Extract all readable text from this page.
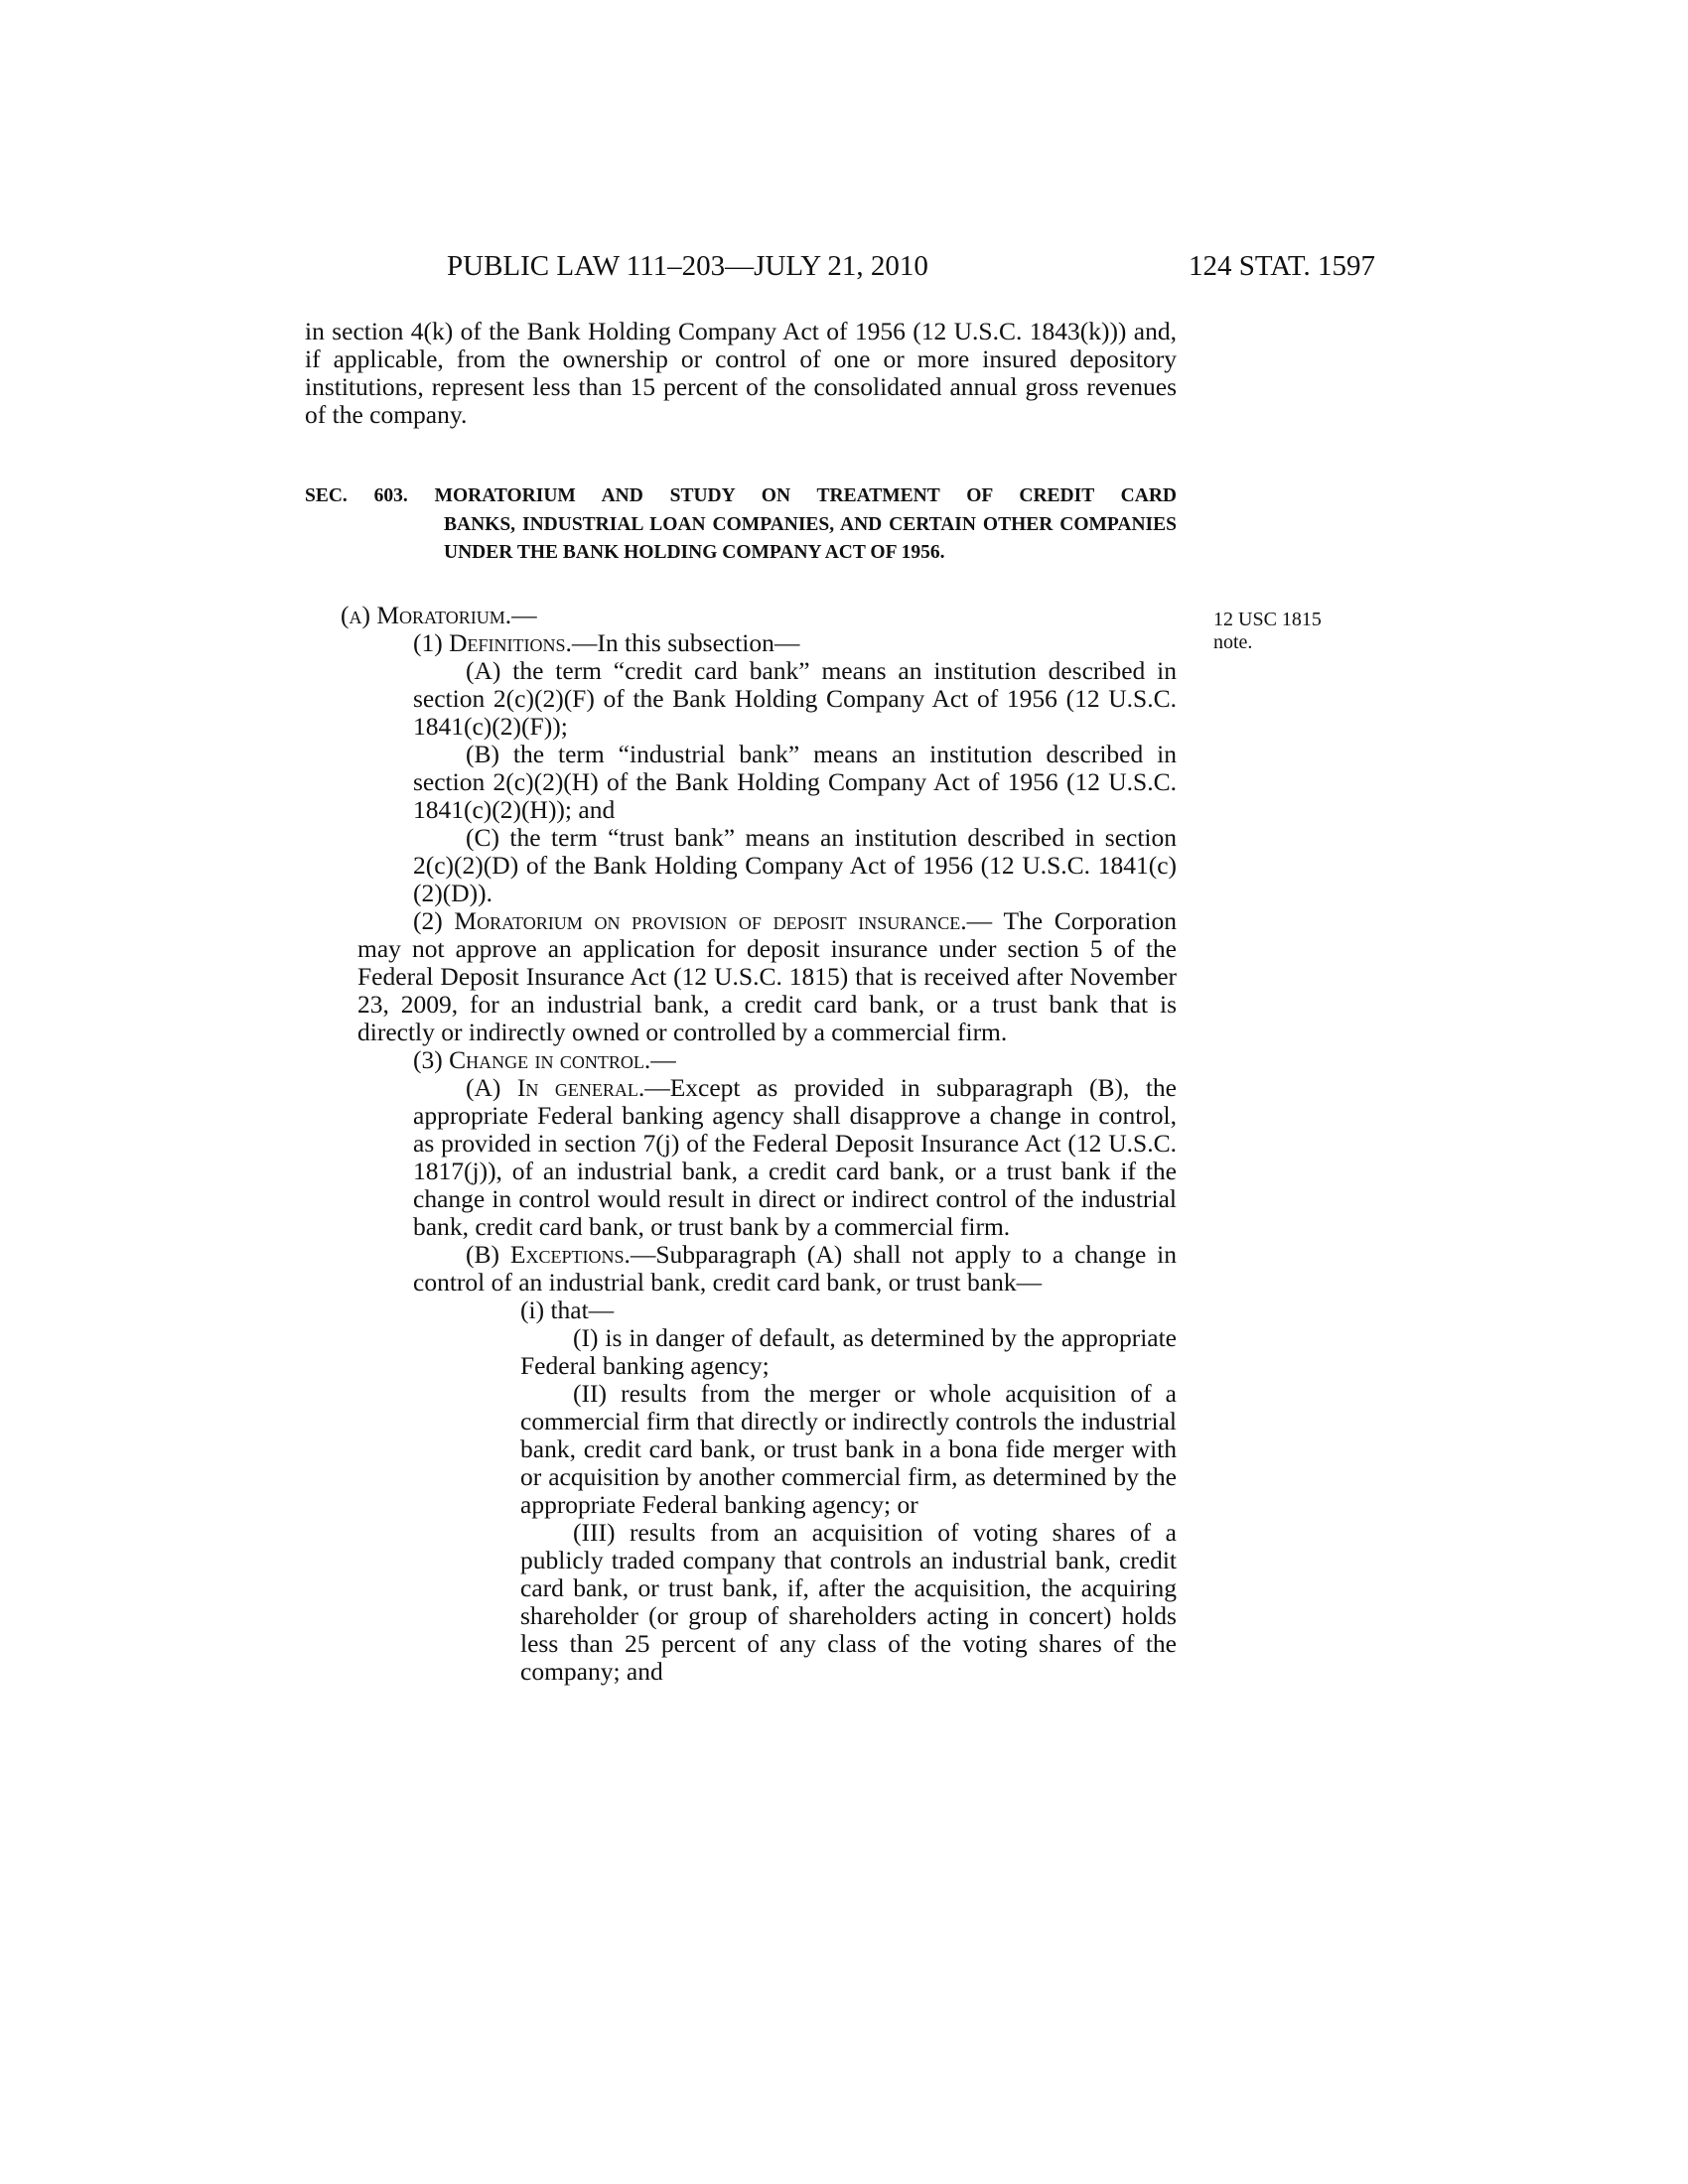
PUBLIC LAW 111–203—JULY 21, 2010	124 STAT. 1597

in section 4(k) of the Bank Holding Company Act of 1956 (12 U.S.C. 1843(k))) and, if applicable, from the ownership or control of one or more insured depository institutions, represent less than 15 percent of the consolidated annual gross revenues of the company.

SEC. 603. MORATORIUM AND STUDY ON TREATMENT OF CREDIT CARD
BANKS, INDUSTRIAL LOAN COMPANIES, AND CERTAIN OTHER COMPANIES UNDER THE BANK HOLDING COMPANY ACT OF 1956.
12 USC 1815
note.
(a) Moratorium.—
(1) Definitions.—In this subsection—
(A) the term “credit card bank” means an institution described in section 2(c)(2)(F) of the Bank Holding Company Act of 1956 (12 U.S.C. 1841(c)(2)(F));
(B) the term “industrial bank” means an institution described in section 2(c)(2)(H) of the Bank Holding Company Act of 1956 (12 U.S.C. 1841(c)(2)(H)); and
(C) the term “trust bank” means an institution described in section 2(c)(2)(D) of the Bank Holding Company Act of 1956 (12 U.S.C. 1841(c)(2)(D)).
(2) Moratorium on provision of deposit insurance.— The Corporation may not approve an application for deposit insurance under section 5 of the Federal Deposit Insurance Act (12 U.S.C. 1815) that is received after November 23, 2009, for an industrial bank, a credit card bank, or a trust bank that is directly or indirectly owned or controlled by a commercial firm.
(3) Change in control.—
(A) In general.—Except as provided in subparagraph (B), the appropriate Federal banking agency shall disapprove a change in control, as provided in section 7(j) of the Federal Deposit Insurance Act (12 U.S.C. 1817(j)), of an industrial bank, a credit card bank, or a trust bank if the change in control would result in direct or indirect control of the industrial bank, credit card bank, or trust bank by a commercial firm.
(B) Exceptions.—Subparagraph (A) shall not apply to a change in control of an industrial bank, credit card bank, or trust bank—
(i) that—
(I) is in danger of default, as determined by the appropriate Federal banking agency;
(II) results from the merger or whole acquisition of a commercial firm that directly or indirectly controls the industrial bank, credit card bank, or trust bank in a bona fide merger with or acquisition by another commercial firm, as determined by the appropriate Federal banking agency; or
(III) results from an acquisition of voting shares of a publicly traded company that controls an industrial bank, credit card bank, or trust bank, if, after the acquisition, the acquiring shareholder (or group of shareholders acting in concert) holds less than 25 percent of any class of the voting shares of the company; and
